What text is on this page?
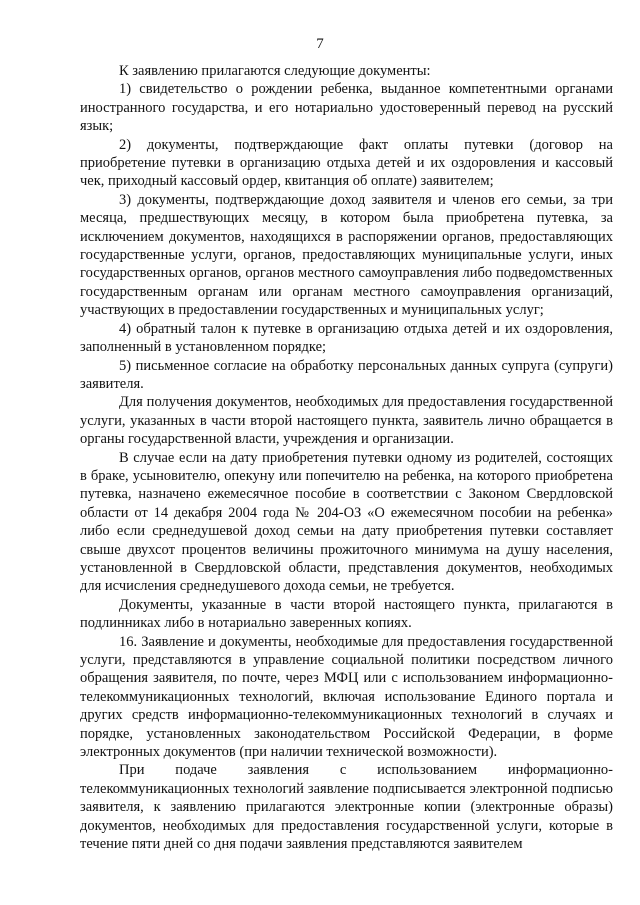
7

К заявлению прилагаются следующие документы:

1) свидетельство о рождении ребенка, выданное компетентными органами иностранного государства, и его нотариально удостоверенный перевод на русский язык;

2) документы, подтверждающие факт оплаты путевки (договор на приобретение путевки в организацию отдыха детей и их оздоровления и кассовый чек, приходный кассовый ордер, квитанция об оплате) заявителем;

3) документы, подтверждающие доход заявителя и членов его семьи, за три месяца, предшествующих месяцу, в котором была приобретена путевка, за исключением документов, находящихся в распоряжении органов, предоставляющих государственные услуги, органов, предоставляющих муниципальные услуги, иных государственных органов, органов местного самоуправления либо подведомственных государственным органам или органам местного самоуправления организаций, участвующих в предоставлении государственных и муниципальных услуг;

4) обратный талон к путевке в организацию отдыха детей и их оздоровления, заполненный в установленном порядке;

5) письменное согласие на обработку персональных данных супруга (супруги) заявителя.

Для получения документов, необходимых для предоставления государственной услуги, указанных в части второй настоящего пункта, заявитель лично обращается в органы государственной власти, учреждения и организации.

В случае если на дату приобретения путевки одному из родителей, состоящих в браке, усыновителю, опекуну или попечителю на ребенка, на которого приобретена путевка, назначено ежемесячное пособие в соответствии с Законом Свердловской области от 14 декабря 2004 года № 204-ОЗ «О ежемесячном пособии на ребенка» либо если среднедушевой доход семьи на дату приобретения путевки составляет свыше двухсот процентов величины прожиточного минимума на душу населения, установленной в Свердловской области, представления документов, необходимых для исчисления среднедушевого дохода семьи, не требуется.

Документы, указанные в части второй настоящего пункта, прилагаются в подлинниках либо в нотариально заверенных копиях.

16. Заявление и документы, необходимые для предоставления государственной услуги, представляются в управление социальной политики посредством личного обращения заявителя, по почте, через МФЦ или с использованием информационно-телекоммуникационных технологий, включая использование Единого портала и других средств информационно-телекоммуникационных технологий в случаях и порядке, установленных законодательством Российской Федерации, в форме электронных документов (при наличии технической возможности).

При подаче заявления с использованием информационно-телекоммуникационных технологий заявление подписывается электронной подписью заявителя, к заявлению прилагаются электронные копии (электронные образы) документов, необходимых для предоставления государственной услуги, которые в течение пяти дней со дня подачи заявления представляются заявителем
